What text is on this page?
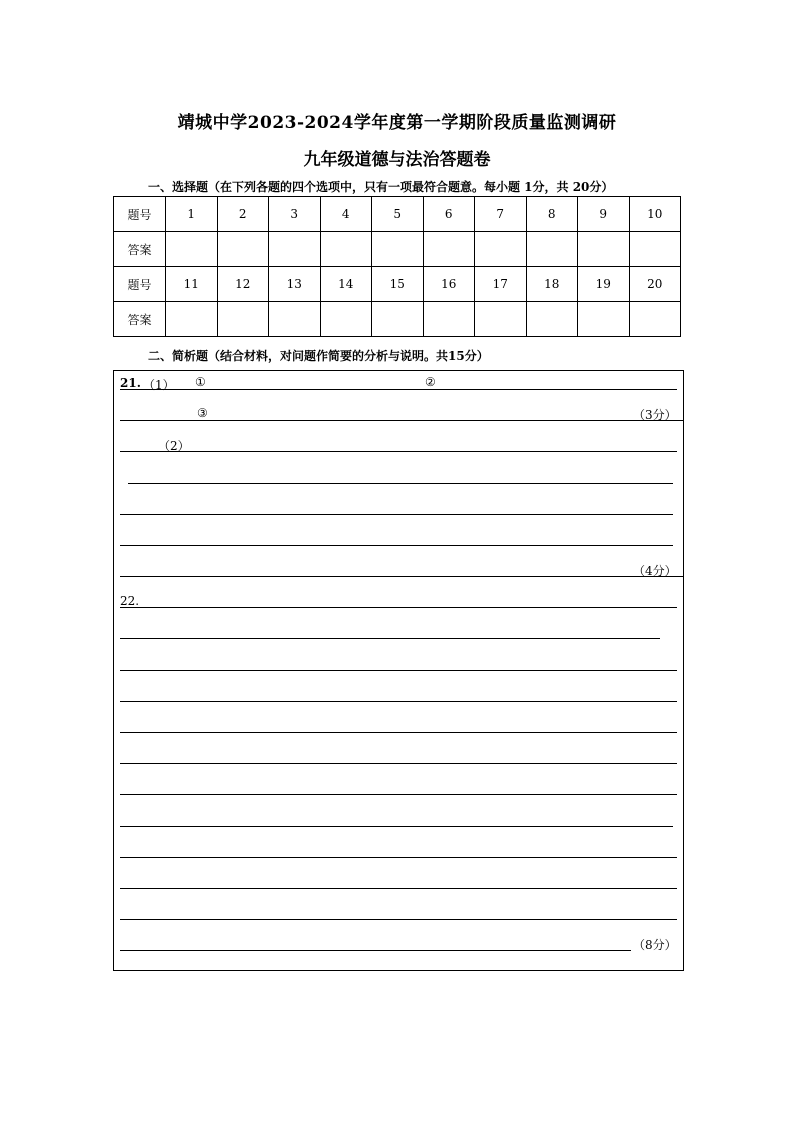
靖城中学2023-2024学年度第一学期阶段质量监测调研
九年级道德与法治答题卷
一、选择题（在下列各题的四个选项中，只有一项最符合题意。每小题 1分，共 20分）
题号	1	2	3	4	5	6	7	8	9	10
答案										
题号	11	12	13	14	15	16	17	18	19	20
答案										
二、简析题（结合材料，对问题作简要的分析与说明。共15分）
21. （1） ①	②
③	（3分）
（2）
（4分）
22.
（8分）
